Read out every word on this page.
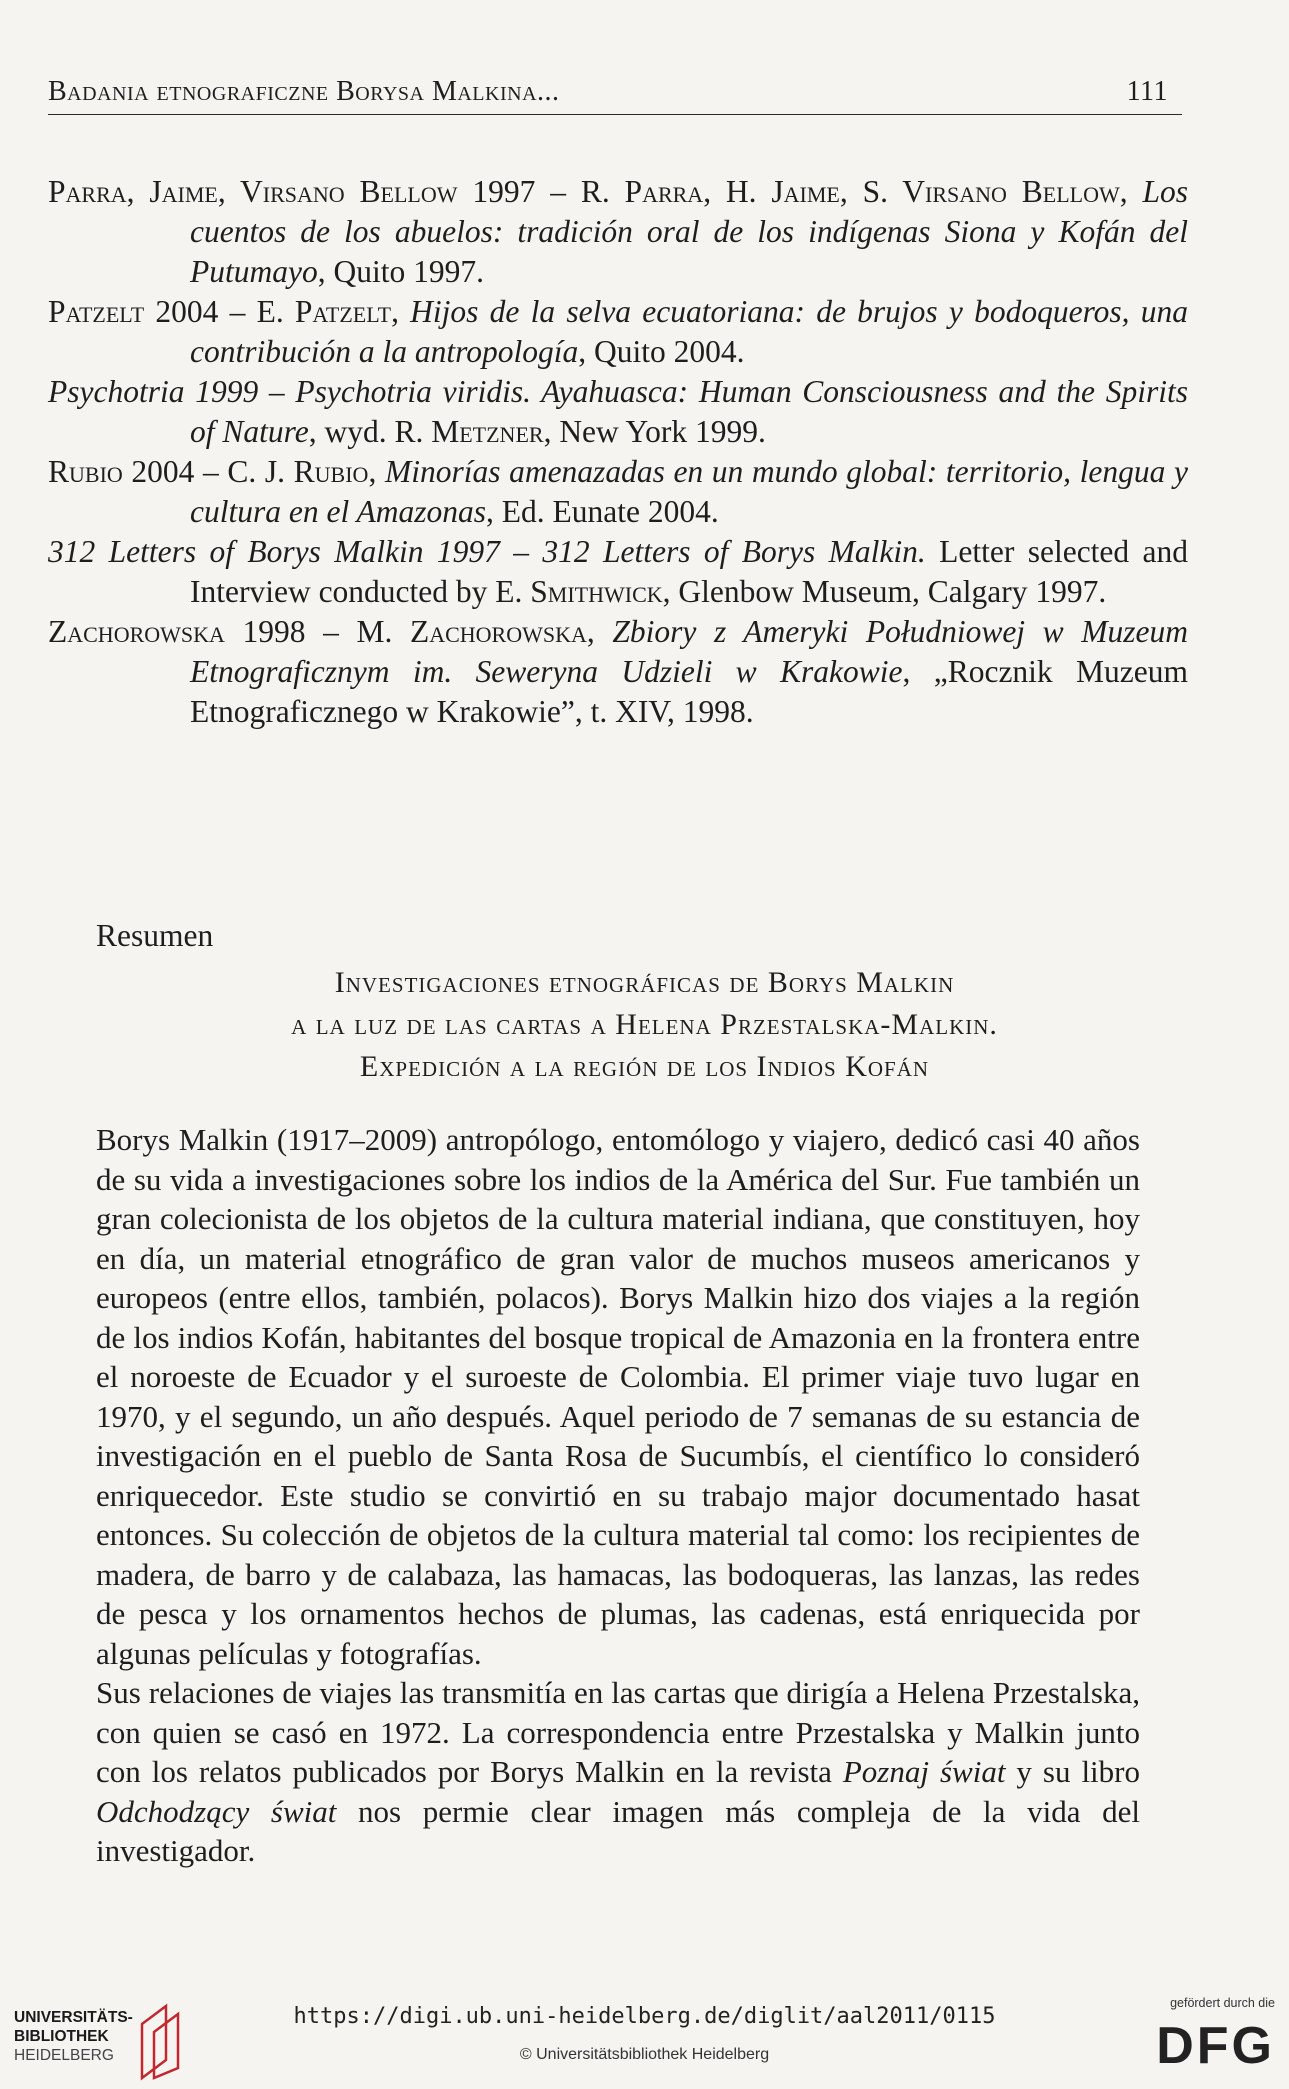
Badania etnograficzne Borysa Malkina...	111

Parra, Jaime, Virsano Bellow 1997 – R. Parra, H. Jaime, S. Virsano Bellow, Los cuentos de los abuelos: tradición oral de los indígenas Siona y Kofán del Putumayo, Quito 1997.

Patzelt 2004 – E. Patzelt, Hijos de la selva ecuatoriana: de brujos y bodoqueros, una contribución a la antropología, Quito 2004.

Psychotria 1999 – Psychotria viridis. Ayahuasca: Human Consciousness and the Spirits of Nature, wyd. R. Metzner, New York 1999.

Rubio 2004 – C. J. Rubio, Minorías amenazadas en un mundo global: territorio, lengua y cultura en el Amazonas, Ed. Eunate 2004.

312 Letters of Borys Malkin 1997 – 312 Letters of Borys Malkin. Letter selected and Interview conducted by E. Smithwick, Glenbow Museum, Calgary 1997.

Zachorowska 1998 – M. Zachorowska, Zbiory z Ameryki Południowej w Muzeum Etnograficznym im. Seweryna Udzieli w Krakowie, „Rocznik Muzeum Etnograficznego w Krakowie”, t. XIV, 1998.

Resumen
Investigaciones etnográficas de Borys Malkin
a la luz de las cartas a Helena Przestalska-Malkin.
Expedición a la región de los Indios Kofán

Borys Malkin (1917–2009) antropólogo, entomólogo y viajero, dedicó casi 40 años de su vida a investigaciones sobre los indios de la América del Sur. Fue también un gran colecionista de los objetos de la cultura material indiana, que constituyen, hoy en día, un material etnográfico de gran valor de muchos museos americanos y europeos (entre ellos, también, polacos). Borys Malkin hizo dos viajes a la región de los indios Kofán, habitantes del bosque tropical de Amazonia en la frontera entre el noroeste de Ecuador y el suroeste de Colombia. El primer viaje tuvo lugar en 1970, y el segundo, un año después. Aquel periodo de 7 semanas de su estancia de investigación en el pueblo de Santa Rosa de Sucumbís, el científico lo consideró enriquecedor. Este studio se convirtió en su trabajo major documentado hasat entonces. Su colección de objetos de la cultura material tal como: los recipientes de madera, de barro y de calabaza, las hamacas, las bodoqueras, las lanzas, las redes de pesca y los ornamentos hechos de plumas, las cadenas, está enriquecida por algunas películas y fotografías.

Sus relaciones de viajes las transmitía en las cartas que dirigía a Helena Przestalska, con quien se casó en 1972. La correspondencia entre Przestalska y Malkin junto con los relatos publicados por Borys Malkin en la revista Poznaj świat y su libro Odchodzący świat nos permie clear imagen más compleja de la vida del investigador.

UNIVERSITÄTS-
BIBLIOTHEK
HEIDELBERG
https://digi.ub.uni-heidelberg.de/diglit/aal2011/0115
© Universitätsbibliothek Heidelberg
gefördert durch die
DFG
